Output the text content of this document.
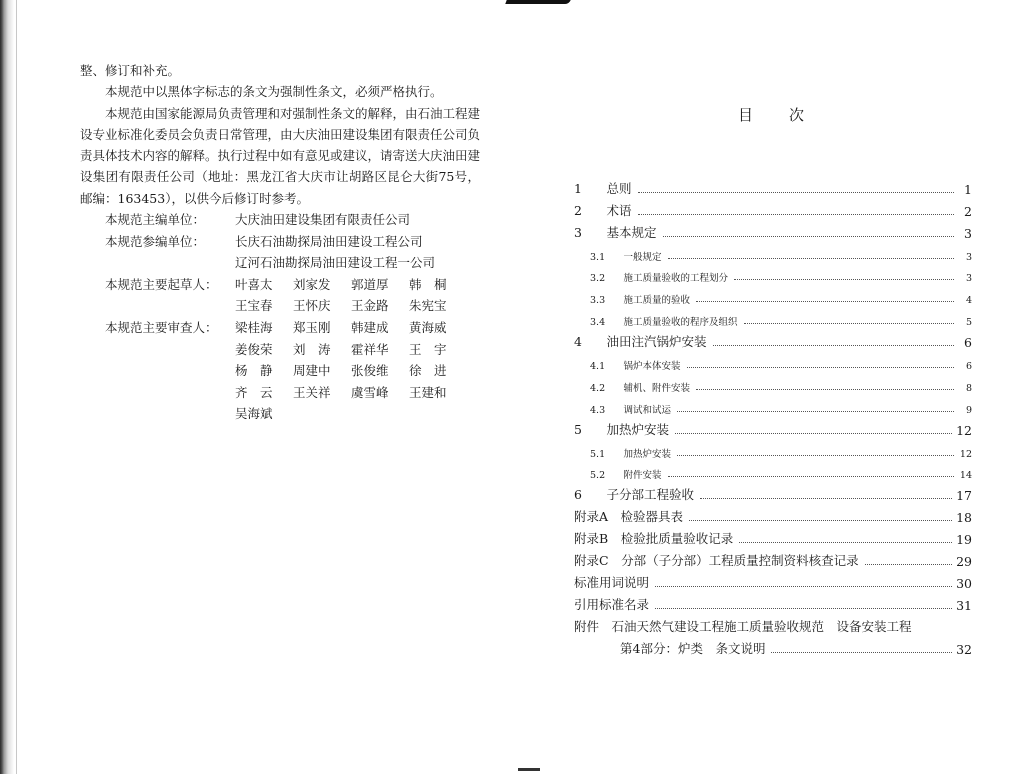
整、修订和补充。

本规范中以黑体字标志的条文为强制性条文，必须严格执行。

本规范由国家能源局负责管理和对强制性条文的解释，由石油工程建设专业标准化委员会负责日常管理，由大庆油田建设集团有限责任公司负责具体技术内容的解释。执行过程中如有意见或建议，请寄送大庆油田建设集团有限责任公司（地址：黑龙江省大庆市让胡路区昆仑大街75号，邮编：163453），以供今后修订时参考。

本规范主编单位：	大庆油田建设集团有限责任公司
本规范参编单位：	长庆石油勘探局油田建设工程公司
辽河石油勘探局油田建设工程一公司
本规范主要起草人：	叶喜太	刘家发	郭道厚	韩　桐
王宝春	王怀庆	王金路	朱宪宝
本规范主要审查人：	梁桂海	郑玉刚	韩建成	黄海威
姜俊荣	刘　涛	霍祥华	王　宇
杨　静	周建中	张俊维	徐　进
齐　云	王关祥	虞雪峰	王建和
吴海斌
目次
1　 总则	1
2　 术语	2
3　 基本规定	3
3.1　 一般规定	3
3.2　 施工质量验收的工程划分	3
3.3　 施工质量的验收	4
3.4　 施工质量验收的程序及组织	5
4　 油田注汽锅炉安装	6
4.1　 锅炉本体安装	6
4.2　 辅机、附件安装	8
4.3　 调试和试运	9
5　 加热炉安装	12
5.1　 加热炉安装	12
5.2　 附件安装	14
6　 子分部工程验收	17
附录A　 检验器具表	18
附录B　 检验批质量验收记录	19
附录C　 分部（子分部）工程质量控制资料核查记录	29
标准用词说明	30
引用标准名录	31
附件　 石油天然气建设工程施工质量验收规范　设备安装工程
第4部分：炉类　条文说明	32
